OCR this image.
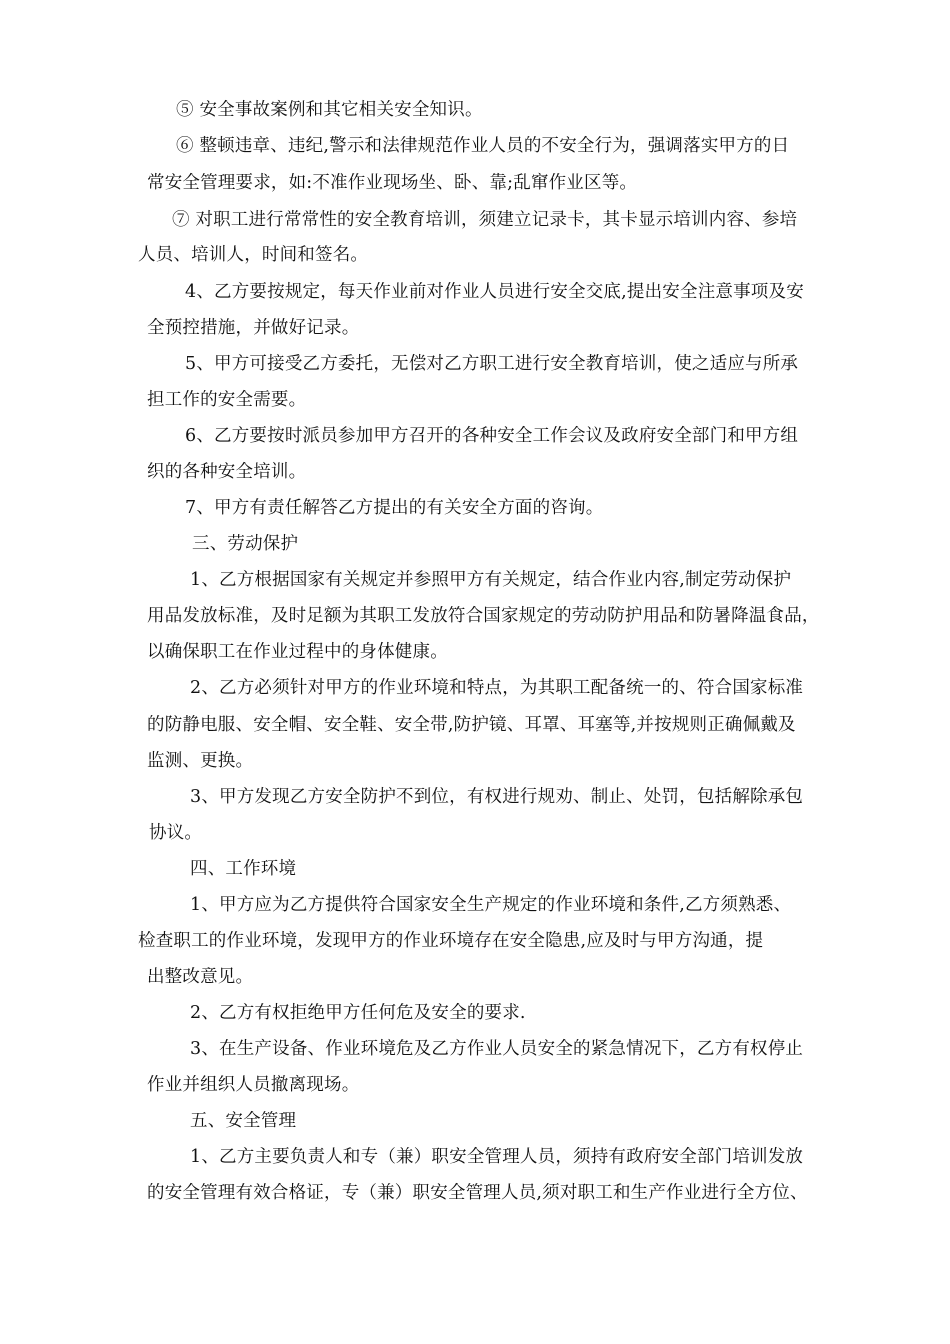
⑤ 安全事故案例和其它相关安全知识。
⑥ 整顿违章、违纪,警示和法律规范作业人员的不安全行为，强调落实甲方的日
常安全管理要求，如:不准作业现场坐、卧、靠;乱窜作业区等。
⑦ 对职工进行常常性的安全教育培训，须建立记录卡，其卡显示培训内容、参培
人员、培训人，时间和签名。
4、乙方要按规定，每天作业前对作业人员进行安全交底,提出安全注意事项及安
全预控措施，并做好记录。
5、甲方可接受乙方委托，无偿对乙方职工进行安全教育培训，使之适应与所承
担工作的安全需要。
6、乙方要按时派员参加甲方召开的各种安全工作会议及政府安全部门和甲方组
织的各种安全培训。
7、甲方有责任解答乙方提出的有关安全方面的咨询。
三、劳动保护
1、乙方根据国家有关规定并参照甲方有关规定，结合作业内容,制定劳动保护
用品发放标准，及时足额为其职工发放符合国家规定的劳动防护用品和防暑降温食品，
以确保职工在作业过程中的身体健康。
2、乙方必须针对甲方的作业环境和特点，为其职工配备统一的、符合国家标准
的防静电服、安全帽、安全鞋、安全带,防护镜、耳罩、耳塞等,并按规则正确佩戴及
监测、更换。
3、甲方发现乙方安全防护不到位，有权进行规劝、制止、处罚，包括解除承包
协议。
四、工作环境
1、甲方应为乙方提供符合国家安全生产规定的作业环境和条件,乙方须熟悉、
检查职工的作业环境，发现甲方的作业环境存在安全隐患,应及时与甲方沟通，提
出整改意见。
2、乙方有权拒绝甲方任何危及安全的要求.
3、在生产设备、作业环境危及乙方作业人员安全的紧急情况下，乙方有权停止
作业并组织人员撤离现场。
五、安全管理
1、乙方主要负责人和专（兼）职安全管理人员，须持有政府安全部门培训发放
的安全管理有效合格证，专（兼）职安全管理人员,须对职工和生产作业进行全方位、
